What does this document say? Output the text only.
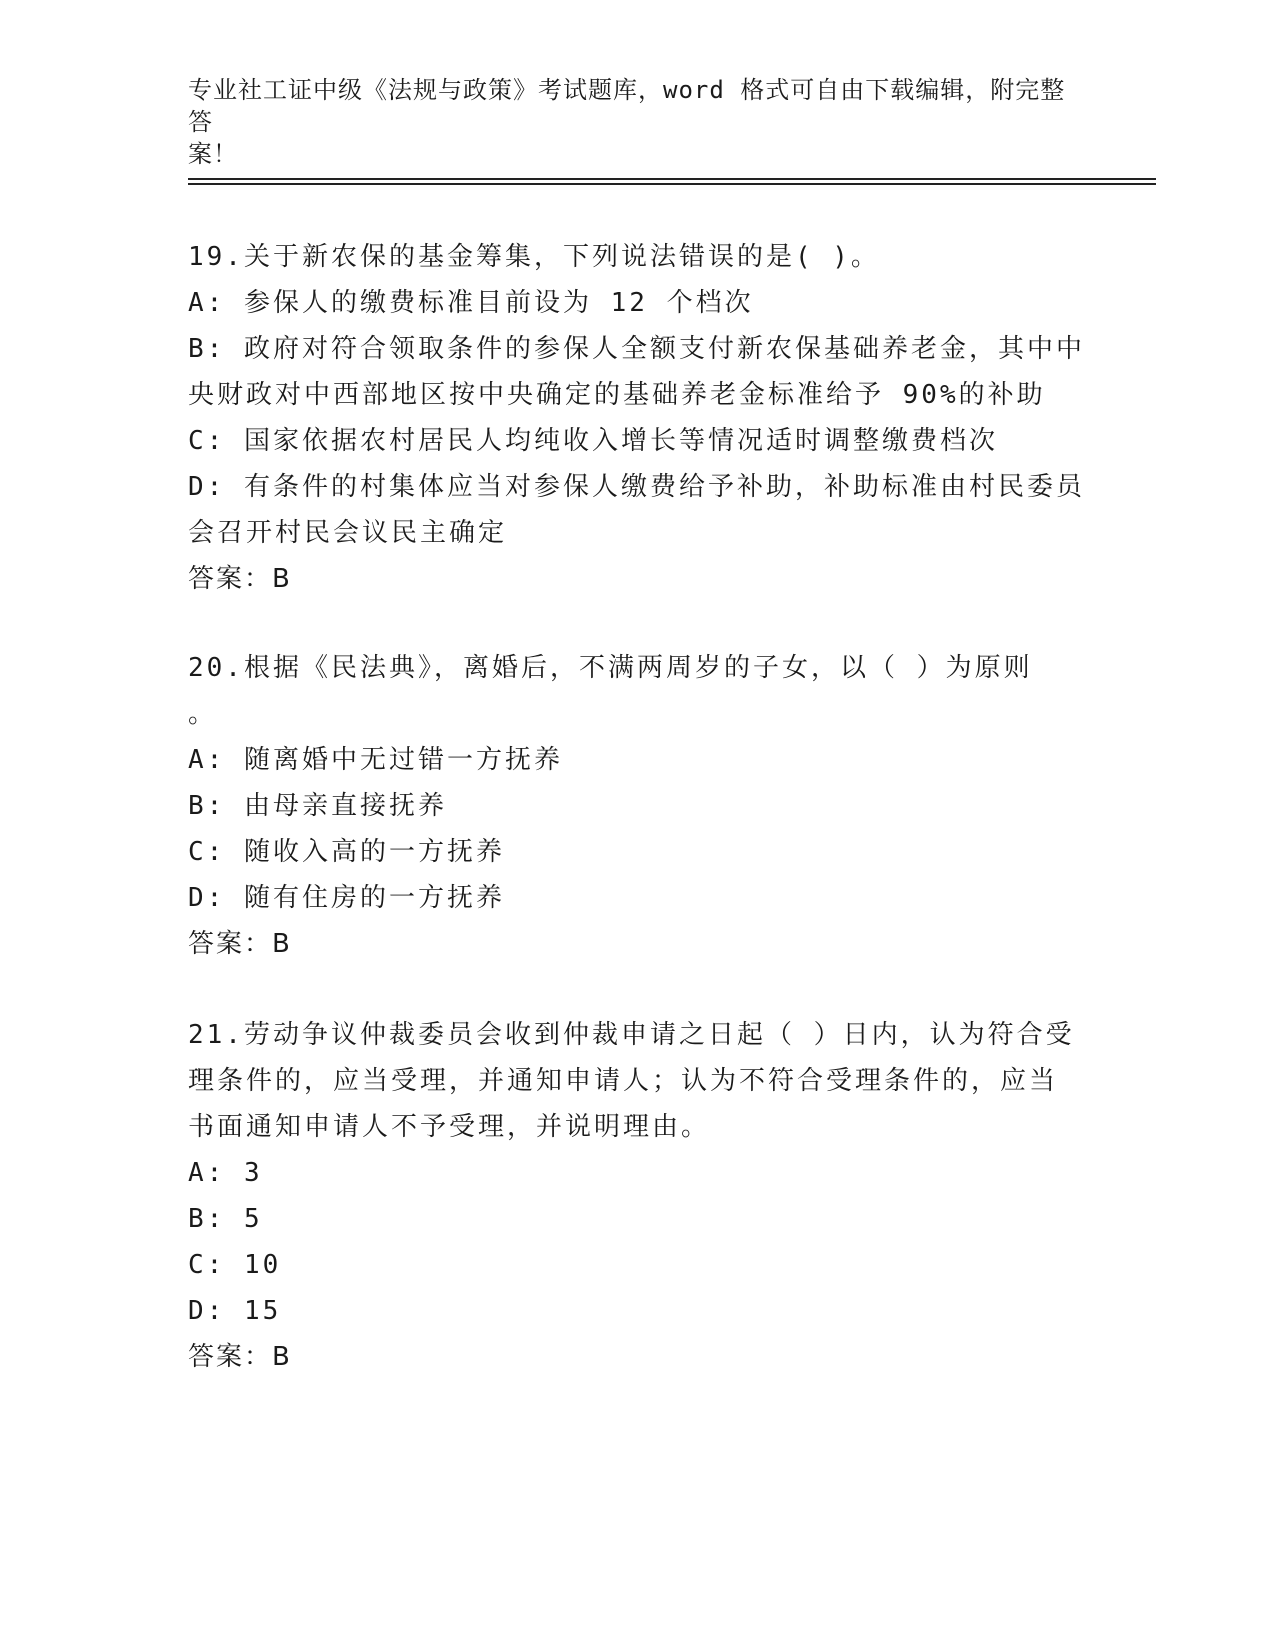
专业社工证中级《法规与政策》考试题库，word 格式可自由下载编辑，附完整答
案！

19.关于新农保的基金筹集，下列说法错误的是( )。

A: 参保人的缴费标准目前设为 12 个档次

B: 政府对符合领取条件的参保人全额支付新农保基础养老金，其中中

央财政对中西部地区按中央确定的基础养老金标准给予 90%的补助

C: 国家依据农村居民人均纯收入增长等情况适时调整缴费档次

D: 有条件的村集体应当对参保人缴费给予补助，补助标准由村民委员

会召开村民会议民主确定

答案：B

20.根据《民法典》，离婚后，不满两周岁的子女，以（ ）为原则

。

A: 随离婚中无过错一方抚养

B: 由母亲直接抚养

C: 随收入高的一方抚养

D: 随有住房的一方抚养

答案：B

21.劳动争议仲裁委员会收到仲裁申请之日起（ ）日内，认为符合受

理条件的，应当受理，并通知申请人；认为不符合受理条件的，应当

书面通知申请人不予受理，并说明理由。

A: 3

B: 5

C: 10

D: 15

答案：B
